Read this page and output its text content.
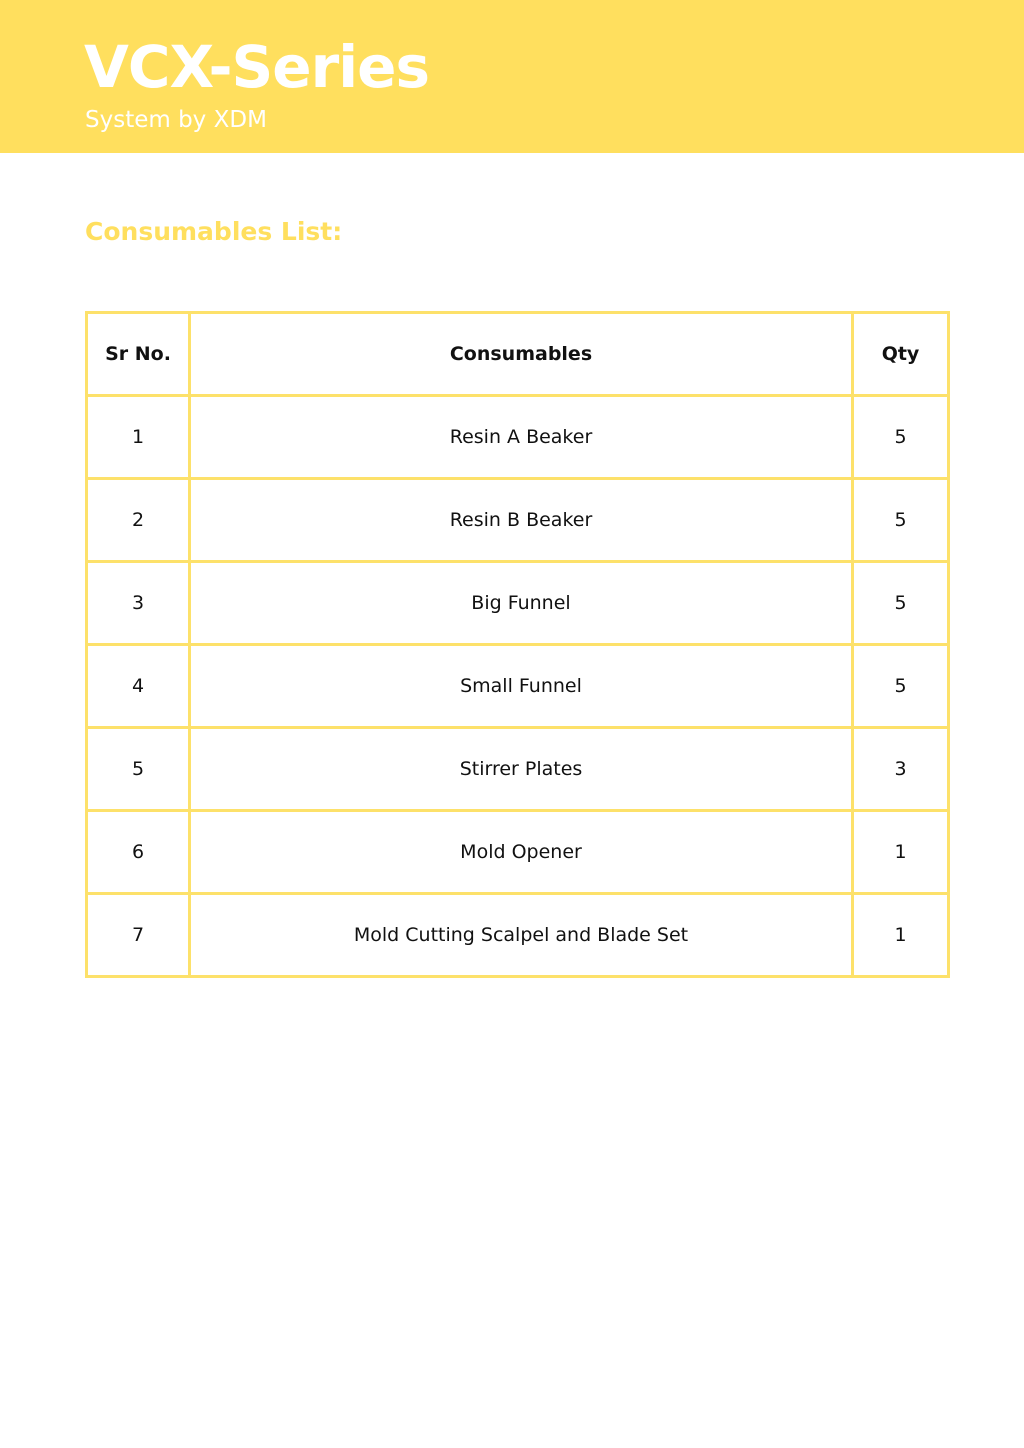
VCX-Series
System by XDM
Consumables List:
Sr No.	Consumables	Qty
1	Resin A Beaker	5
2	Resin B Beaker	5
3	Big Funnel	5
4	Small Funnel	5
5	Stirrer Plates	3
6	Mold Opener	1
7	Mold Cutting Scalpel and Blade Set	1
